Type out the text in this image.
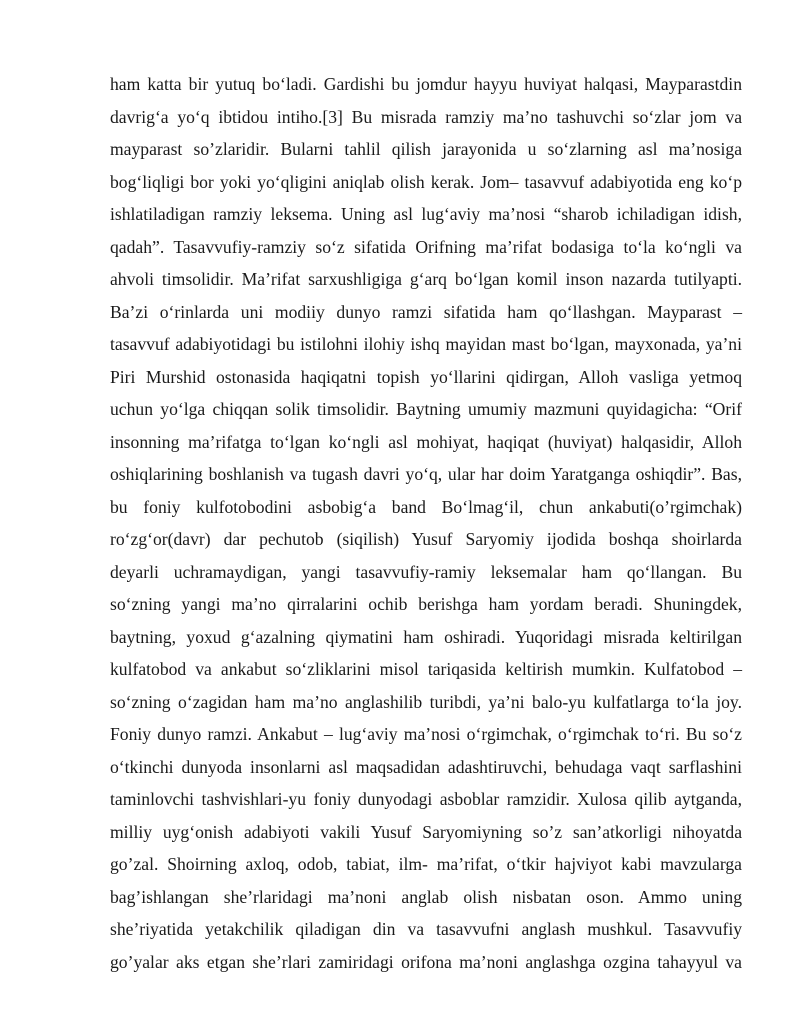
ham katta bir yutuq bo‘ladi. Gardishi bu jomdur hayyu huviyat halqasi, Mayparastdin
davrig‘a yo‘q ibtidou intiho.[3] Bu misrada ramziy ma’no tashuvchi so‘zlar jom va
mayparast so’zlaridir. Bularni tahlil qilish jarayonida u so‘zlarning asl ma’nosiga
bog‘liqligi bor yoki yo‘qligini aniqlab olish kerak. Jom– tasavvuf adabiyotida eng ko‘p
ishlatiladigan ramziy leksema. Uning asl lug‘aviy ma’nosi “sharob ichiladigan idish,
qadah”. Tasavvufiy-ramziy so‘z sifatida Orifning ma’rifat bodasiga to‘la ko‘ngli va
ahvoli timsolidir. Ma’rifat sarxushligiga g‘arq bo‘lgan komil inson nazarda tutilyapti.
Ba’zi o‘rinlarda uni modiiy dunyo ramzi sifatida ham qo‘llashgan. Mayparast –
tasavvuf adabiyotidagi bu istilohni ilohiy ishq mayidan mast bo‘lgan, mayxonada, ya’ni
Piri Murshid ostonasida haqiqatni topish yo‘llarini qidirgan, Alloh vasliga yetmoq
uchun yo‘lga chiqqan solik timsolidir. Baytning umumiy mazmuni quyidagicha: “Orif
insonning ma’rifatga to‘lgan ko‘ngli asl mohiyat, haqiqat (huviyat) halqasidir, Alloh
oshiqlarining boshlanish va tugash davri yo‘q, ular har doim Yaratganga oshiqdir”. Bas,
bu foniy kulfotobodini asbobig‘a band Bo‘lmag‘il, chun ankabuti(o’rgimchak)
ro‘zg‘or(davr) dar pechutob (siqilish) Yusuf Saryomiy ijodida boshqa shoirlarda
deyarli uchramaydigan, yangi tasavvufiy-ramiy leksemalar ham qo‘llangan. Bu
so‘zning yangi ma’no qirralarini ochib berishga ham yordam beradi. Shuningdek,
baytning, yoxud g‘azalning qiymatini ham oshiradi. Yuqoridagi misrada keltirilgan
kulfatobod va ankabut so‘zliklarini misol tariqasida keltirish mumkin. Kulfatobod –
so‘zning o‘zagidan ham ma’no anglashilib turibdi, ya’ni balo-yu kulfatlarga to‘la joy.
Foniy dunyo ramzi. Ankabut – lug‘aviy ma’nosi o‘rgimchak, o‘rgimchak to‘ri. Bu so‘z
o‘tkinchi dunyoda insonlarni asl maqsadidan adashtiruvchi, behudaga vaqt sarflashini
taminlovchi tashvishlari-yu foniy dunyodagi asboblar ramzidir. Xulosa qilib aytganda,
milliy uyg‘onish adabiyoti vakili Yusuf Saryomiyning so’z san’atkorligi nihoyatda
go’zal. Shoirning axloq, odob, tabiat, ilm- ma’rifat, o‘tkir hajviyot kabi mavzularga
bag’ishlangan she’rlaridagi ma’noni anglab olish nisbatan oson. Ammo uning
she’riyatida yetakchilik qiladigan din va tasavvufni anglash mushkul. Tasavvufiy
go’yalar aks etgan she’rlari zamiridagi orifona ma’noni anglashga ozgina tahayyul va
